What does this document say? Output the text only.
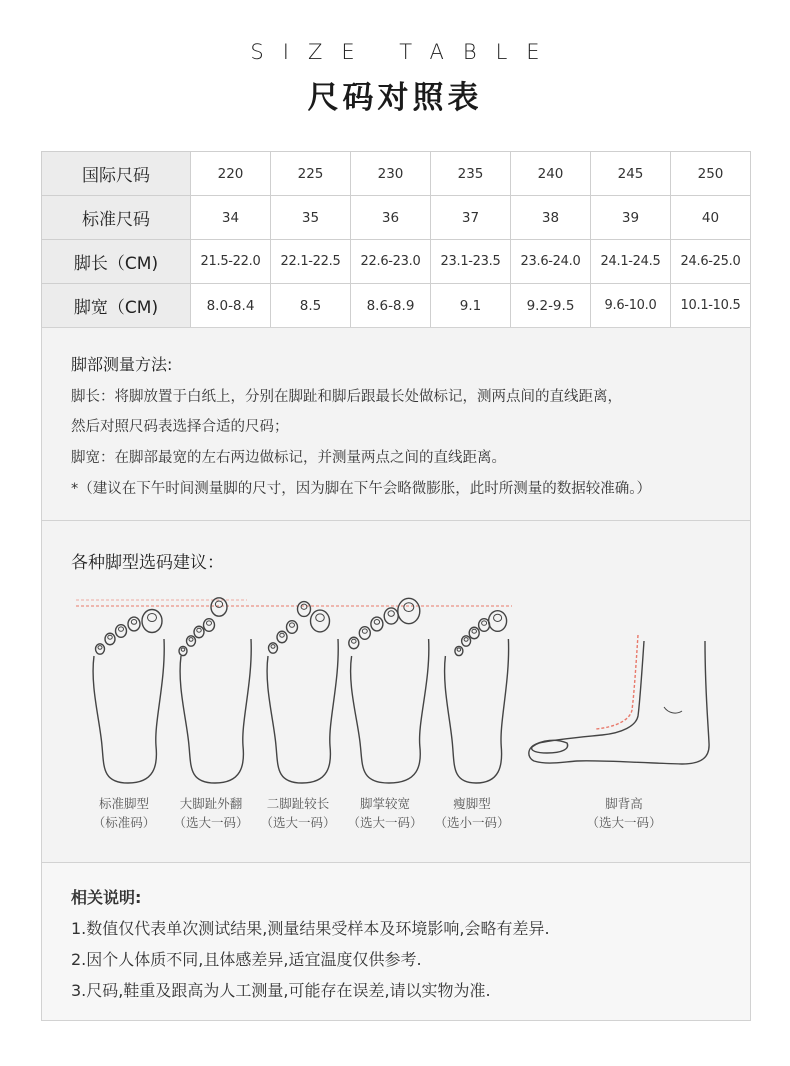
SIZE TABLE
尺码对照表
国际尺码	220	225	230	235	240	245	250
标准尺码	34	35	36	37	38	39	40
脚长（CM)	21.5-22.0	22.1-22.5	22.6-23.0	23.1-23.5	23.6-24.0	24.1-24.5	24.6-25.0
脚宽（CM)	8.0-8.4	8.5	8.6-8.9	9.1	9.2-9.5	9.6-10.0	10.1-10.5
脚部测量方法:
脚长：将脚放置于白纸上，分别在脚趾和脚后跟最长处做标记，测两点间的直线距离，
然后对照尺码表选择合适的尺码；
脚宽：在脚部最宽的左右两边做标记，并测量两点之间的直线距离。
*（建议在下午时间测量脚的尺寸，因为脚在下午会略微膨胀，此时所测量的数据较准确。）
各种脚型选码建议：
标准脚型
（标准码）
大脚趾外翻
（选大一码）
二脚趾较长
（选大一码）
脚掌较宽
（选大一码）
瘦脚型
（选小一码）
脚背高
（选大一码）
相关说明:
1.数值仅代表单次测试结果,测量结果受样本及环境影响,会略有差异.
2.因个人体质不同,且体感差异,适宜温度仅供参考.
3.尺码,鞋重及跟高为人工测量,可能存在误差,请以实物为准.
